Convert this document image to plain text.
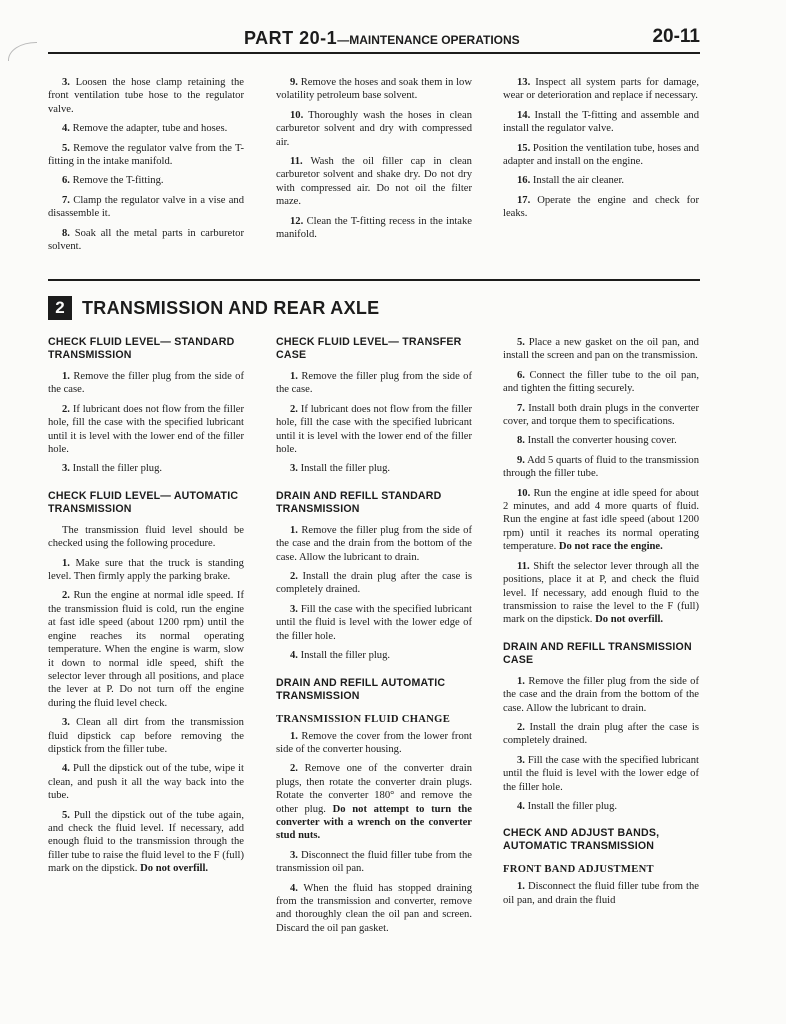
PART 20-1—MAINTENANCE OPERATIONS	20-11

3. Loosen the hose clamp retaining the front ventilation tube hose to the regulator valve.

4. Remove the adapter, tube and hoses.

5. Remove the regulator valve from the T-fitting in the intake manifold.

6. Remove the T-fitting.

7. Clamp the regulator valve in a vise and disassemble it.

8. Soak all the metal parts in carburetor solvent.

9. Remove the hoses and soak them in low volatility petroleum base solvent.

10. Thoroughly wash the hoses in clean carburetor solvent and dry with compressed air.

11. Wash the oil filler cap in clean carburetor solvent and shake dry. Do not dry with compressed air. Do not oil the filter maze.

12. Clean the T-fitting recess in the intake manifold.

13. Inspect all system parts for damage, wear or deterioration and replace if necessary.

14. Install the T-fitting and assemble and install the regulator valve.

15. Position the ventilation tube, hoses and adapter and install on the engine.

16. Install the air cleaner.

17. Operate the engine and check for leaks.

2 TRANSMISSION AND REAR AXLE
CHECK FLUID LEVEL— STANDARD TRANSMISSION

1. Remove the filler plug from the side of the case.

2. If lubricant does not flow from the filler hole, fill the case with the specified lubricant until it is level with the lower end of the filler hole.

3. Install the filler plug.

CHECK FLUID LEVEL— AUTOMATIC TRANSMISSION

The transmission fluid level should be checked using the following procedure.

1. Make sure that the truck is standing level. Then firmly apply the parking brake.

2. Run the engine at normal idle speed. If the transmission fluid is cold, run the engine at fast idle speed (about 1200 rpm) until the engine reaches its normal operating temperature. When the engine is warm, slow it down to normal idle speed, shift the selector lever through all positions, and place the lever at P. Do not turn off the engine during the fluid level check.

3. Clean all dirt from the transmission fluid dipstick cap before removing the dipstick from the filler tube.

4. Pull the dipstick out of the tube, wipe it clean, and push it all the way back into the tube.

5. Pull the dipstick out of the tube again, and check the fluid level. If necessary, add enough fluid to the transmission through the filler tube to raise the fluid level to the F (full) mark on the dipstick. Do not overfill.

CHECK FLUID LEVEL— TRANSFER CASE

1. Remove the filler plug from the side of the case.

2. If lubricant does not flow from the filler hole, fill the case with the specified lubricant until it is level with the lower end of the filler hole.

3. Install the filler plug.

DRAIN AND REFILL STANDARD TRANSMISSION

1. Remove the filler plug from the side of the case and the drain from the bottom of the case. Allow the lubricant to drain.

2. Install the drain plug after the case is completely drained.

3. Fill the case with the specified lubricant until the fluid is level with the lower edge of the filler hole.

4. Install the filler plug.

DRAIN AND REFILL AUTOMATIC TRANSMISSION
TRANSMISSION FLUID CHANGE

1. Remove the cover from the lower front side of the converter housing.

2. Remove one of the converter drain plugs, then rotate the converter drain plugs. Rotate the converter 180° and remove the other plug. Do not attempt to turn the converter with a wrench on the converter stud nuts.

3. Disconnect the fluid filler tube from the transmission oil pan.

4. When the fluid has stopped draining from the transmission and converter, remove and thoroughly clean the oil pan and screen. Discard the oil pan gasket.

5. Place a new gasket on the oil pan, and install the screen and pan on the transmission.

6. Connect the filler tube to the oil pan, and tighten the fitting securely.

7. Install both drain plugs in the converter cover, and torque them to specifications.

8. Install the converter housing cover.

9. Add 5 quarts of fluid to the transmission through the filler tube.

10. Run the engine at idle speed for about 2 minutes, and add 4 more quarts of fluid. Run the engine at fast idle speed (about 1200 rpm) until it reaches its normal operating temperature. Do not race the engine.

11. Shift the selector lever through all the positions, place it at P, and check the fluid level. If necessary, add enough fluid to the transmission to raise the level to the F (full) mark on the dipstick. Do not overfill.

DRAIN AND REFILL TRANSMISSION CASE

1. Remove the filler plug from the side of the case and the drain from the bottom of the case. Allow the lubricant to drain.

2. Install the drain plug after the case is completely drained.

3. Fill the case with the specified lubricant until the fluid is level with the lower edge of the filler hole.

4. Install the filler plug.

CHECK AND ADJUST BANDS, AUTOMATIC TRANSMISSION
FRONT BAND ADJUSTMENT

1. Disconnect the fluid filler tube from the oil pan, and drain the fluid
